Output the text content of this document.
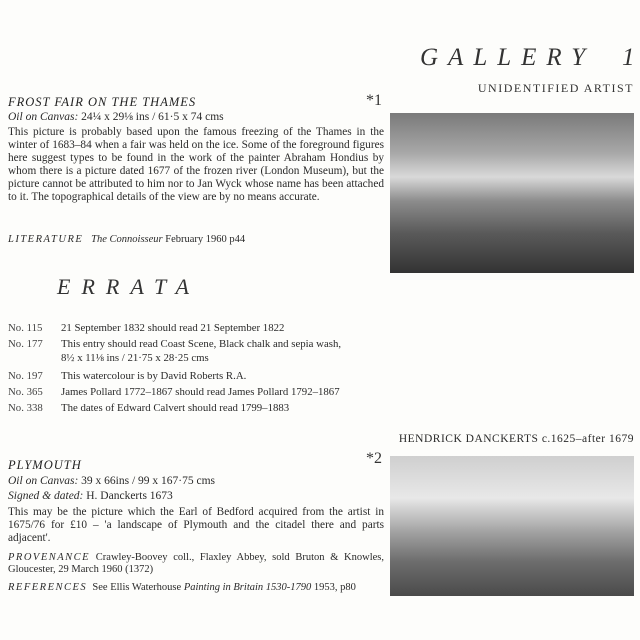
GALLERY 1
UNIDENTIFIED ARTIST
FROST FAIR ON THE THAMES	*1
Oil on Canvas: 24¼ x 29⅛ ins / 61·5 x 74 cms
This picture is probably based upon the famous freezing of the Thames in the winter of 1683–84 when a fair was held on the ice. Some of the foreground figures here suggest types to be found in the work of the painter Abraham Hondius by whom there is a picture dated 1677 of the frozen river (London Museum), but the picture cannot be attributed to him nor to Jan Wyck whose name has been attached to it. The topographical details of the view are by no means accurate.
LITERATURE The Connoisseur February 1960 p44
ERRATA
No. 115 21 September 1832 should read 21 September 1822
No. 177 This entry should read Coast Scene, Black chalk and sepia wash,
8½ x 11⅛ ins / 21·75 x 28·25 cms
No. 197 This watercolour is by David Roberts R.A.
No. 365 James Pollard 1772–1867 should read James Pollard 1792–1867
No. 338 The dates of Edward Calvert should read 1799–1883
HENDRICK DANCKERTS c.1625–after 1679
PLYMOUTH	*2
Oil on Canvas: 39 x 66ins / 99 x 167·75 cms
Signed & dated: H. Danckerts 1673
This may be the picture which the Earl of Bedford acquired from the artist in 1675/76 for £10 – 'a landscape of Plymouth and the citadel there and parts adjacent'.
PROVENANCE Crawley-Boovey coll., Flaxley Abbey, sold Bruton & Knowles, Gloucester, 29 March 1960 (1372)
REFERENCES See Ellis Waterhouse Painting in Britain 1530-1790 1953, p80
